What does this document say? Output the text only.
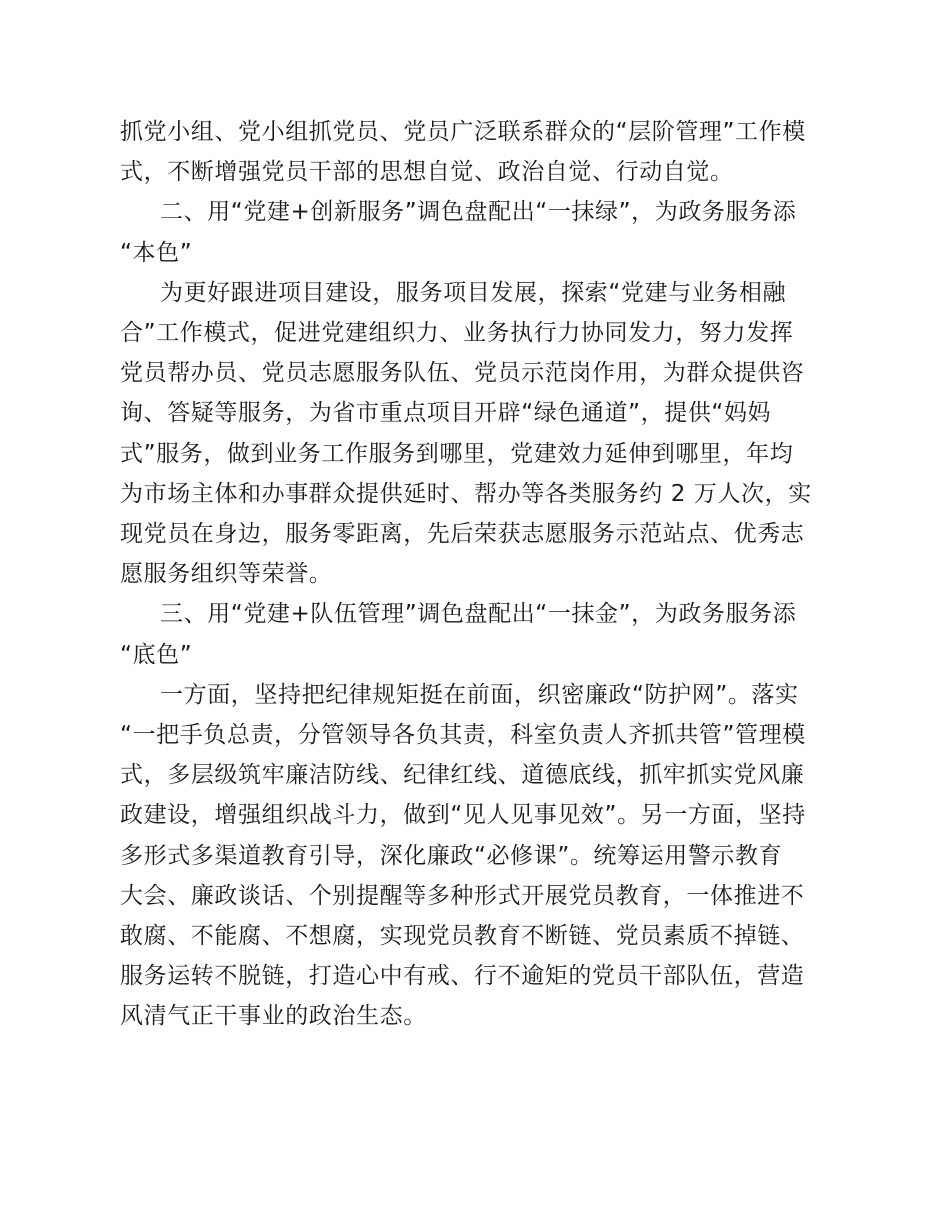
抓党小组、党小组抓党员、党员广泛联系群众的“层阶管理”工作模
式，不断增强党员干部的思想自觉、政治自觉、行动自觉。

二、用“党建+创新服务”调色盘配出“一抹绿”，为政务服务添
“本色”

为更好跟进项目建设，服务项目发展，探索“党建与业务相融
合”工作模式，促进党建组织力、业务执行力协同发力，努力发挥
党员帮办员、党员志愿服务队伍、党员示范岗作用，为群众提供咨
询、答疑等服务，为省市重点项目开辟“绿色通道”，提供“妈妈
式”服务，做到业务工作服务到哪里，党建效力延伸到哪里，年均
为市场主体和办事群众提供延时、帮办等各类服务约 2 万人次，实
现党员在身边，服务零距离，先后荣获志愿服务示范站点、优秀志
愿服务组织等荣誉。

三、用“党建+队伍管理”调色盘配出“一抹金”，为政务服务添
“底色”

一方面，坚持把纪律规矩挺在前面，织密廉政“防护网”。落实
“一把手负总责，分管领导各负其责，科室负责人齐抓共管”管理模
式，多层级筑牢廉洁防线、纪律红线、道德底线，抓牢抓实党风廉
政建设，增强组织战斗力，做到“见人见事见效”。另一方面，坚持
多形式多渠道教育引导，深化廉政“必修课”。统筹运用警示教育
大会、廉政谈话、个别提醒等多种形式开展党员教育，一体推进不
敢腐、不能腐、不想腐，实现党员教育不断链、党员素质不掉链、
服务运转不脱链，打造心中有戒、行不逾矩的党员干部队伍，营造
风清气正干事业的政治生态。
